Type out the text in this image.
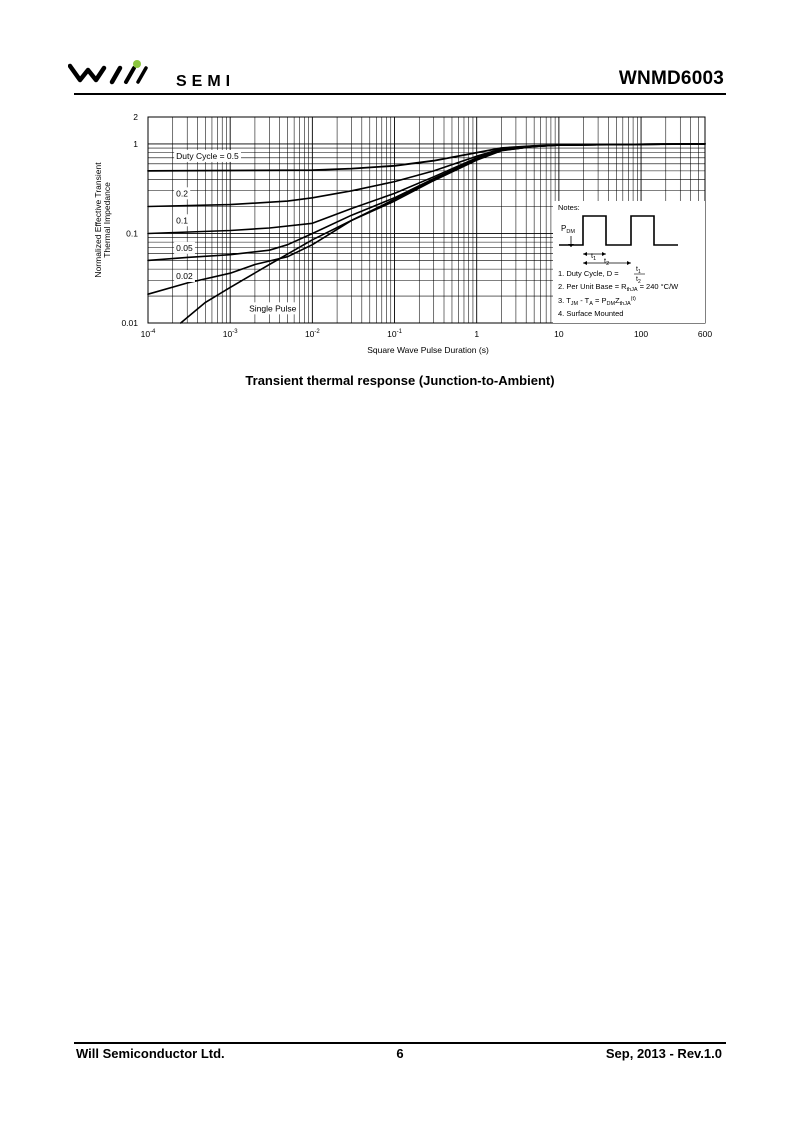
SEMI	WNMD6003
$10^{-4}$	$10^{-3}$	$10^{-2}$	$10^{-1}$	1	10	100	600
2
1
0.1
0.01
Duty Cycle = 0.5
0.2
0.1
0.05
0.02
Single Pulse
Square Wave Pulse Duration (s)
Normalized Effective Transient Thermal Impedance	Notes:
$P_{DM}$
$t_1$ $t_2$
1. Duty Cycle, $D = t_1$
$t_2$
2. Per Unit Base = $R_{thJA} = 240$ °C/W
3. $T_{JM} - T_A = P_{DM}Z_{thJA}^{(t)}$
4. Surface Mounted
Transient thermal response (Junction-to-Ambient)
Will Semiconductor Ltd.	6	Sep, 2013 - Rev.1.0
